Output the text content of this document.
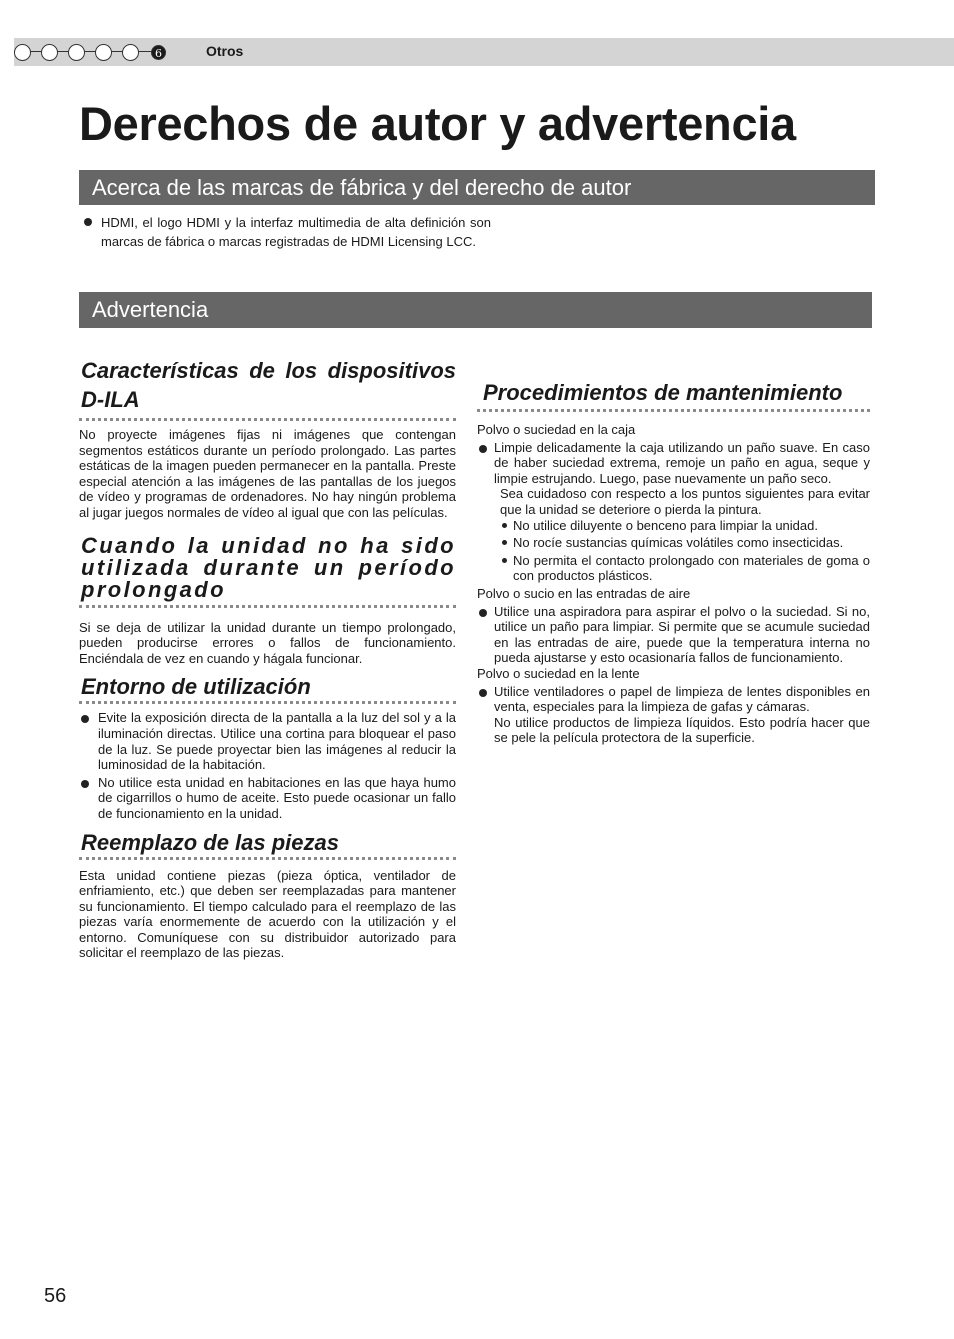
6	Otros
Derechos de autor y advertencia
Acerca de las marcas de fábrica y del derecho de autor
HDMI, el logo HDMI y la interfaz multimedia de alta definición son marcas de fábrica o marcas registradas de HDMI Licensing LCC.
Advertencia
Características de los dispositivos D-ILA

No proyecte imágenes fijas ni imágenes que contengan segmentos estáticos durante un período prolongado. Las partes estáticas de la imagen pueden permanecer en la pantalla. Preste especial atención a las imágenes de las pantallas de los juegos de vídeo y programas de ordenadores. No hay ningún problema al jugar juegos normales de vídeo al igual que con las películas.

Cuando la unidad no ha sido utilizada durante un período prolongado

Si se deja de utilizar la unidad durante un tiempo prolongado, pueden producirse errores o fallos de funcionamiento. Enciéndala de vez en cuando y hágala funcionar.

Entorno de utilización

Evite la exposición directa de la pantalla a la luz del sol y a la iluminación directas. Utilice una cortina para bloquear el paso de la luz. Se puede proyectar bien las imágenes al reducir la luminosidad de la habitación.

No utilice esta unidad en habitaciones en las que haya humo de cigarrillos o humo de aceite. Esto puede ocasionar un fallo de funcionamiento en la unidad.

Reemplazo de las piezas

Esta unidad contiene piezas (pieza óptica, ventilador de enfriamiento, etc.) que deben ser reemplazadas para mantener su funcionamiento. El tiempo calculado para el reemplazo de las piezas varía enormemente de acuerdo con la utilización y el entorno. Comuníquese con su distribuidor autorizado para solicitar el reemplazo de las piezas.

Procedimientos de mantenimiento

Polvo o suciedad en la caja

Limpie delicadamente la caja utilizando un paño suave. En caso de haber suciedad extrema, remoje un paño en agua, seque y limpie estrujando. Luego, pase nuevamente un paño seco.

Sea cuidadoso con respecto a los puntos siguientes para evitar que la unidad se deteriore o pierda la pintura.

No utilice diluyente o benceno para limpiar la unidad.

No rocíe sustancias químicas volátiles como insecticidas.

No permita el contacto prolongado con materiales de goma o con productos plásticos.

Polvo o sucio en las entradas de aire

Utilice una aspiradora para aspirar el polvo o la suciedad. Si no, utilice un paño para limpiar. Si permite que se acumule suciedad en las entradas de aire, puede que la temperatura interna no pueda ajustarse y esto ocasionaría fallos de funcionamiento.

Polvo o suciedad en la lente

Utilice ventiladores o papel de limpieza de lentes disponibles en venta, especiales para la limpieza de gafas y cámaras.

No utilice productos de limpieza líquidos. Esto podría hacer que se pele la película protectora de la superficie.

56
